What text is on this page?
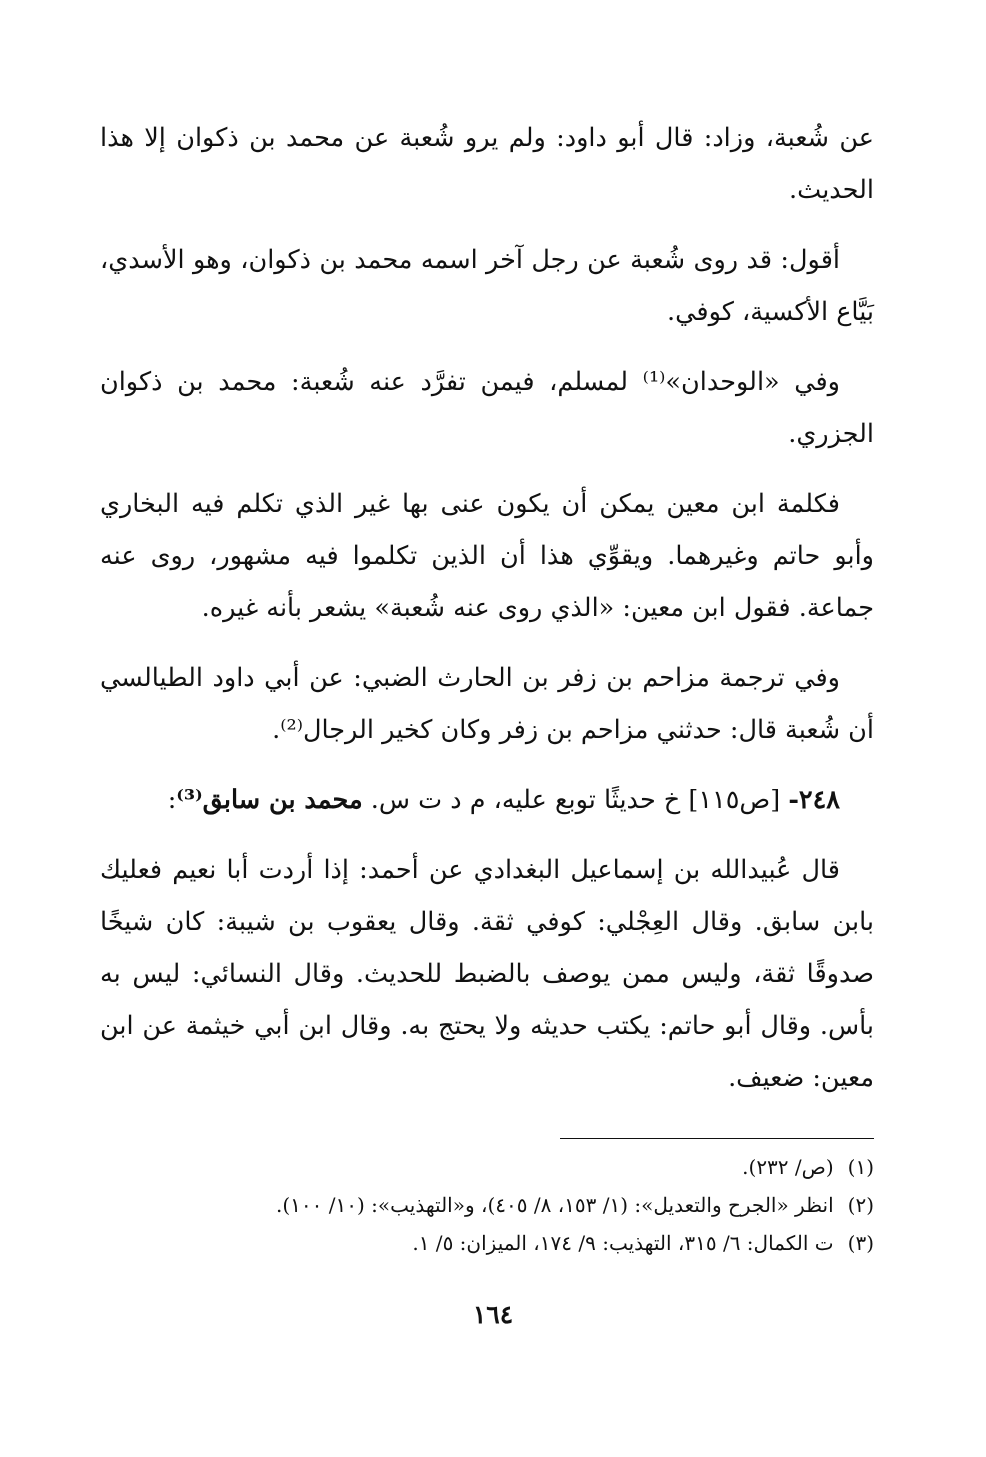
عن شُعبة، وزاد: قال أبو داود: ولم يرو شُعبة عن محمد بن ذكوان إلا هذا الحديث.

أقول: قد روى شُعبة عن رجل آخر اسمه محمد بن ذكوان، وهو الأسدي، بَيَّاع الأكسية، كوفي.

وفي «الوحدان»⁽¹⁾ لمسلم، فيمن تفرَّد عنه شُعبة: محمد بن ذكوان الجزري.

فكلمة ابن معين يمكن أن يكون عنى بها غير الذي تكلم فيه البخاري وأبو حاتم وغيرهما. ويقوِّي هذا أن الذين تكلموا فيه مشهور، روى عنه جماعة. فقول ابن معين: «الذي روى عنه شُعبة» يشعر بأنه غيره.

وفي ترجمة مزاحم بن زفر بن الحارث الضبي: عن أبي داود الطيالسي أن شُعبة قال: حدثني مزاحم بن زفر وكان كخير الرجال⁽²⁾.

٢٤٨- [ص١١٥] خ حديثًا توبع عليه، م د ت س. محمد بن سابق⁽³⁾:

قال عُبيدالله بن إسماعيل البغدادي عن أحمد: إذا أردت أبا نعيم فعليك بابن سابق. وقال العِجْلي: كوفي ثقة. وقال يعقوب بن شيبة: كان شيخًا صدوقًا ثقة، وليس ممن يوصف بالضبط للحديث. وقال النسائي: ليس به بأس. وقال أبو حاتم: يكتب حديثه ولا يحتج به. وقال ابن أبي خيثمة عن ابن معين: ضعيف.

(١)(ص/ ٢٣٢).

(٢)انظر «الجرح والتعديل»: (١/ ١٥٣، ٨/ ٤٠٥)، و«التهذيب»: (١٠/ ١٠٠).

(٣)ت الكمال: ٦/ ٣١٥، التهذيب: ٩/ ١٧٤، الميزان: ٥/ ١.

١٦٤
